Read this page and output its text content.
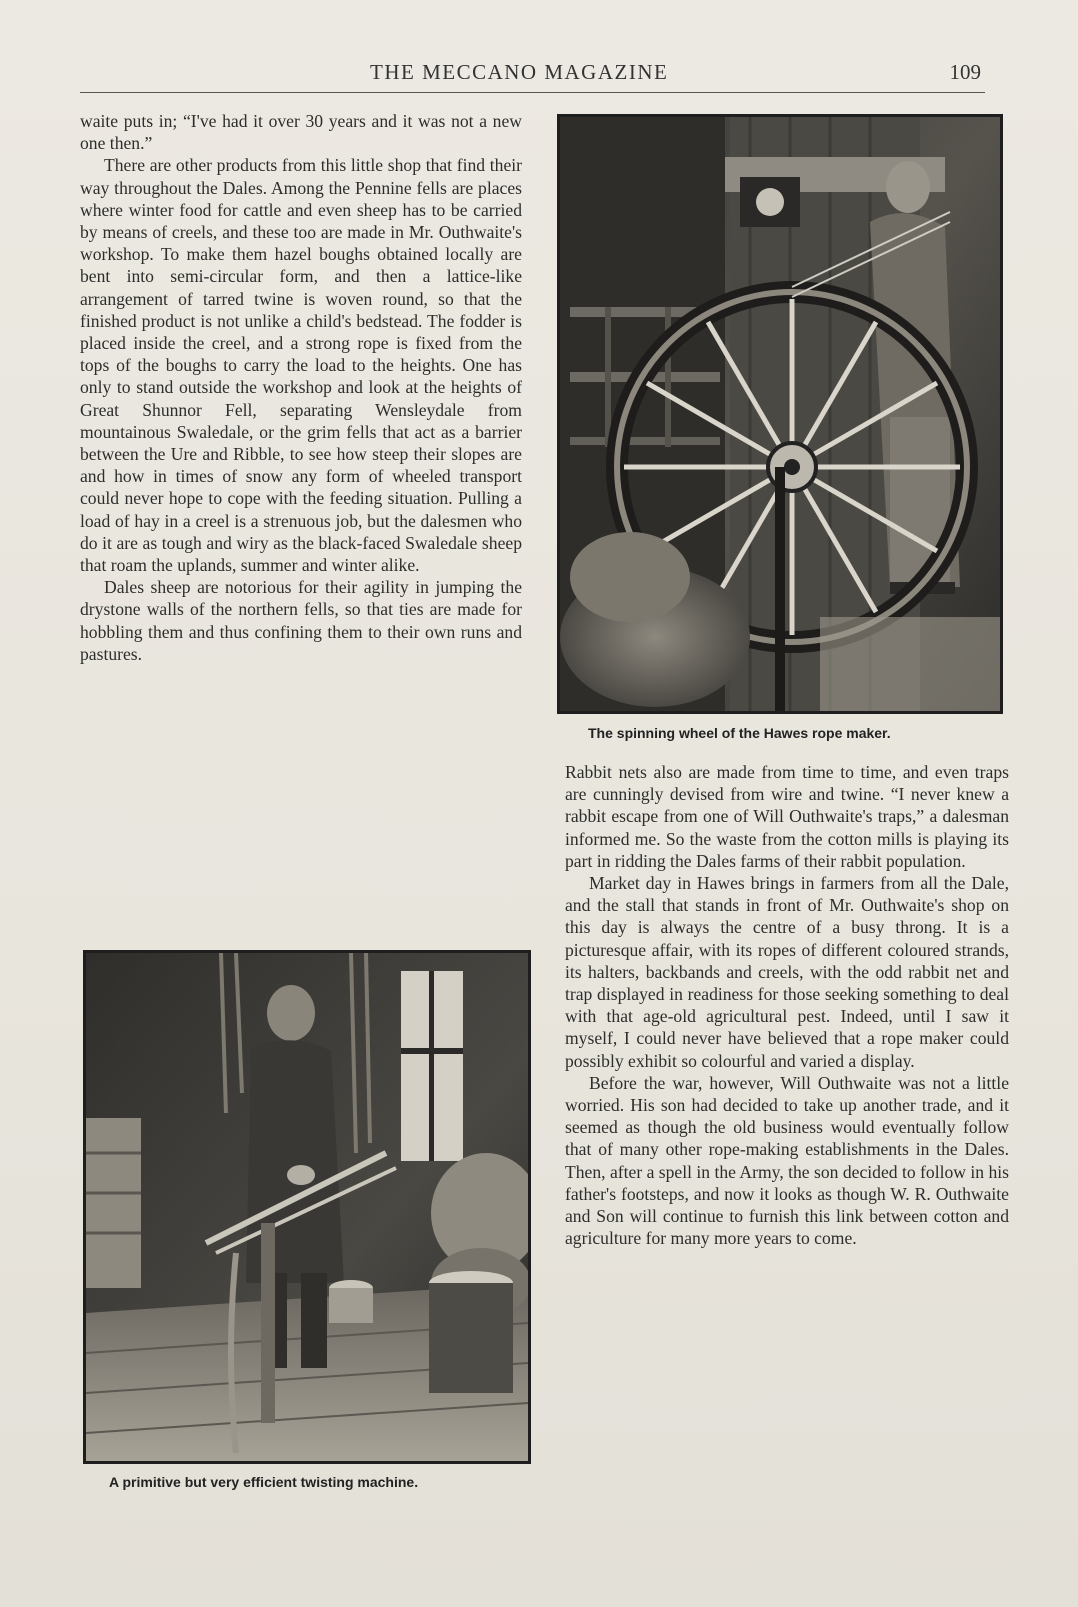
THE MECCANO MAGAZINE	109

waite puts in; “I've had it over 30 years and it was not a new one then.”

There are other products from this little shop that find their way throughout the Dales. Among the Pennine fells are places where winter food for cattle and even sheep has to be carried by means of creels, and these too are made in Mr. Outhwaite's workshop. To make them hazel boughs obtained locally are bent into semi-circular form, and then a lattice-like arrangement of tarred twine is woven round, so that the finished product is not unlike a child's bedstead. The fodder is placed inside the creel, and a strong rope is fixed from the tops of the boughs to carry the load to the heights. One has only to stand outside the workshop and look at the heights of Great Shunnor Fell, separating Wensleydale from mountainous Swaledale, or the grim fells that act as a barrier between the Ure and Ribble, to see how steep their slopes are and how in times of snow any form of wheeled transport could never hope to cope with the feeding situation. Pulling a load of hay in a creel is a strenuous job, but the dalesmen who do it are as tough and wiry as the black-faced Swaledale sheep that roam the uplands, summer and winter alike.

Dales sheep are notorious for their agility in jumping the drystone walls of the northern fells, so that ties are made for hobbling them and thus confining them to their own runs and pastures.

The spinning wheel of the Hawes rope maker.
A primitive but very efficient twisting machine.

Rabbit nets also are made from time to time, and even traps are cunningly devised from wire and twine. “I never knew a rabbit escape from one of Will Outhwaite's traps,” a dalesman informed me. So the waste from the cotton mills is playing its part in ridding the Dales farms of their rabbit population.

Market day in Hawes brings in farmers from all the Dale, and the stall that stands in front of Mr. Outhwaite's shop on this day is always the centre of a busy throng. It is a picturesque affair, with its ropes of different coloured strands, its halters, backbands and creels, with the odd rabbit net and trap displayed in readiness for those seeking something to deal with that age-old agricultural pest. Indeed, until I saw it myself, I could never have believed that a rope maker could possibly exhibit so colourful and varied a display.

Before the war, however, Will Outhwaite was not a little worried. His son had decided to take up another trade, and it seemed as though the old business would eventually follow that of many other rope-making establishments in the Dales. Then, after a spell in the Army, the son decided to follow in his father's footsteps, and now it looks as though W. R. Outhwaite and Son will continue to furnish this link between cotton and agriculture for many more years to come.
